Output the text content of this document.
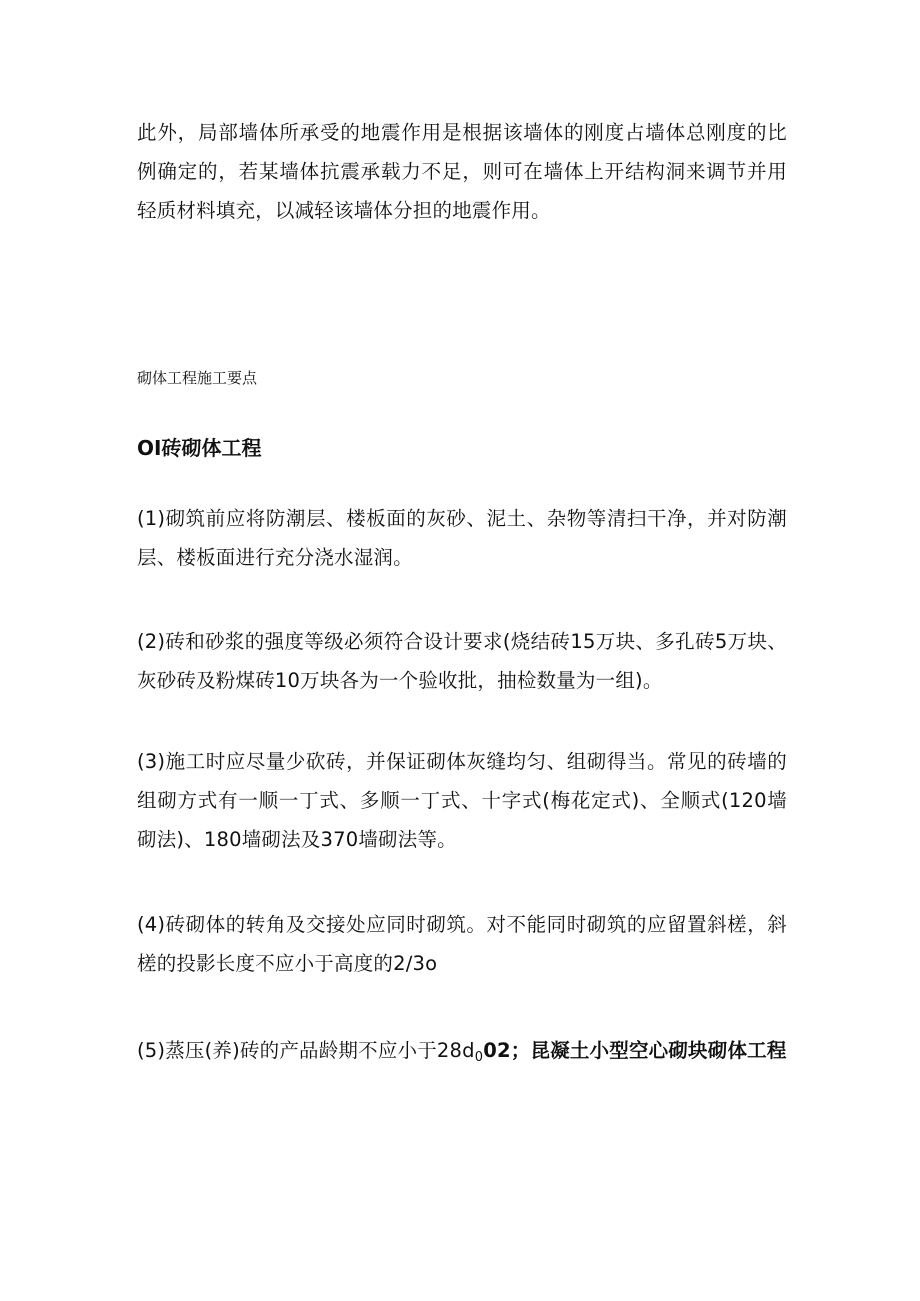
此外，局部墙体所承受的地震作用是根据该墙体的刚度占墙体总刚度的比例确定的，若某墙体抗震承载力不足，则可在墙体上开结构洞来调节并用轻质材料填充，以减轻该墙体分担的地震作用。

砌体工程施工要点

OI砖砌体工程

(1)砌筑前应将防潮层、楼板面的灰砂、泥土、杂物等清扫干净，并对防潮层、楼板面进行充分浇水湿润。

(2)砖和砂浆的强度等级必须符合设计要求(烧结砖15万块、多孔砖5万块、灰砂砖及粉煤砖10万块各为一个验收批，抽检数量为一组)。

(3)施工时应尽量少砍砖，并保证砌体灰缝均匀、组砌得当。常见的砖墙的组砌方式有一顺一丁式、多顺一丁式、十字式(梅花定式)、全顺式(120墙砌法)、180墙砌法及370墙砌法等。

(4)砖砌体的转角及交接处应同时砌筑。对不能同时砌筑的应留置斜槎，斜槎的投影长度不应小于高度的2∕3o

(5)蒸压(养)砖的产品龄期不应小于$28d_002$；昆凝土小型空心砌块砌体工程
